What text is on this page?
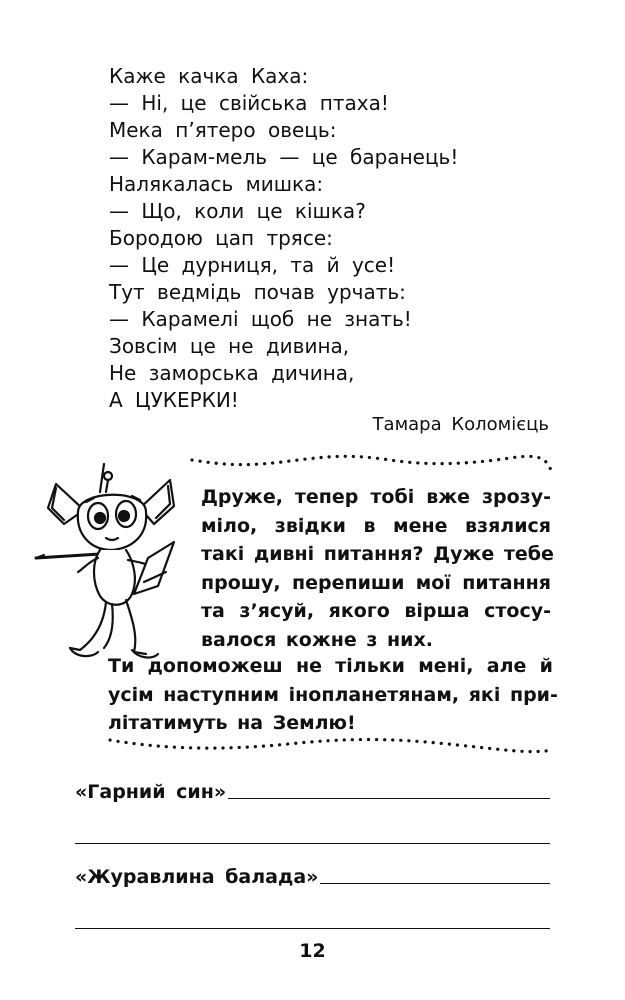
Каже качка Каха:
— Ні, це свійська птаха!
Мека п’ятеро овець:
— Карам-мель — це баранець!
Налякалась мишка:
— Що, коли це кішка?
Бородою цап трясе:
— Це дурниця, та й усе!
Тут ведмідь почав урчать:
— Карамелі щоб не знать!
Зовсім це не дивина,
Не заморська дичина,
А ЦУКЕРКИ!
Тамара Коломієць
Друже, тепер тобі вже зрозу-
міло, звідки в мене взялися
такі дивні питання? Дуже тебе
прошу, перепиши мої питання
та з’ясуй, якого вірша стосу-
валося кожне з них.
Ти допоможеш не тільки мені, але й
усім наступним інопланетянам, які при-
літатимуть на Землю!
«Гарний син»
«Журавлина балада»
12
